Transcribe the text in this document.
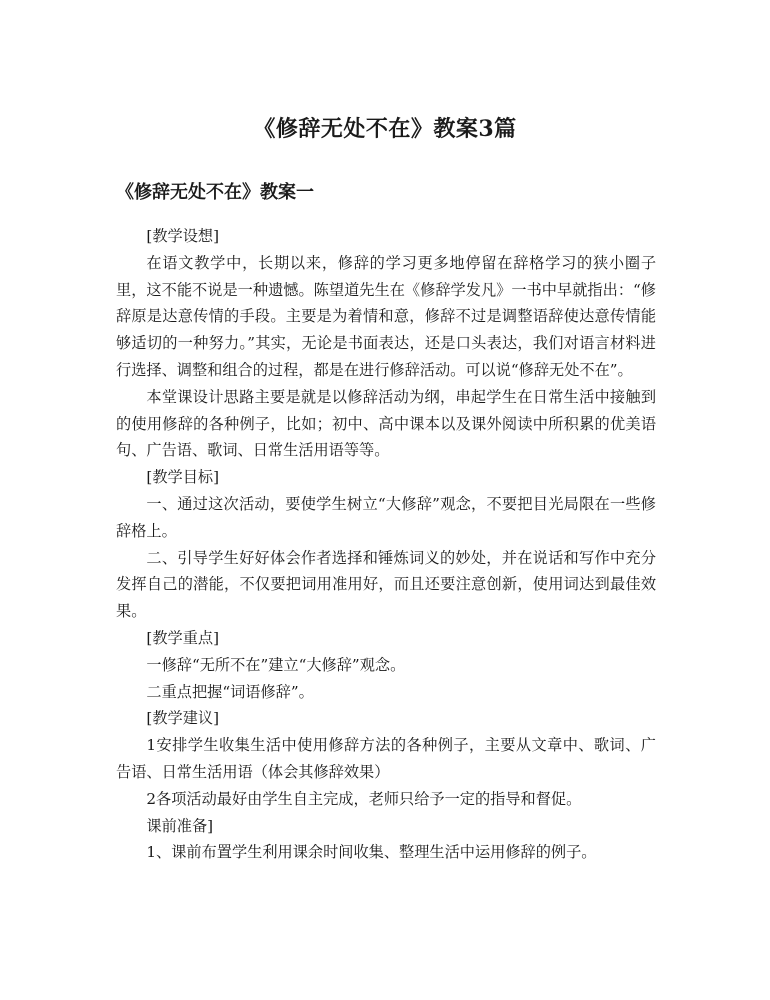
《修辞无处不在》教案3篇
《修辞无处不在》教案一

[教学设想]

在语文教学中，长期以来，修辞的学习更多地停留在辞格学习的狭小圈子里，这不能不说是一种遗憾。陈望道先生在《修辞学发凡》一书中早就指出：“修辞原是达意传情的手段。主要是为着情和意，修辞不过是调整语辞使达意传情能够适切的一种努力。”其实，无论是书面表达，还是口头表达，我们对语言材料进行选择、调整和组合的过程，都是在进行修辞活动。可以说“修辞无处不在”。

本堂课设计思路主要是就是以修辞活动为纲，串起学生在日常生活中接触到的使用修辞的各种例子，比如；初中、高中课本以及课外阅读中所积累的优美语句、广告语、歌词、日常生活用语等等。

[教学目标]

一、通过这次活动，要使学生树立“大修辞”观念，不要把目光局限在一些修辞格上。

二、引导学生好好体会作者选择和锤炼词义的妙处，并在说话和写作中充分发挥自己的潜能，不仅要把词用准用好，而且还要注意创新，使用词达到最佳效果。

[教学重点]

一修辞“无所不在”建立“大修辞”观念。

二重点把握“词语修辞”。

[教学建议]

1安排学生收集生活中使用修辞方法的各种例子，主要从文章中、歌词、广告语、日常生活用语（体会其修辞效果）

2各项活动最好由学生自主完成，老师只给予一定的指导和督促。

课前准备]

1、课前布置学生利用课余时间收集、整理生活中运用修辞的例子。
